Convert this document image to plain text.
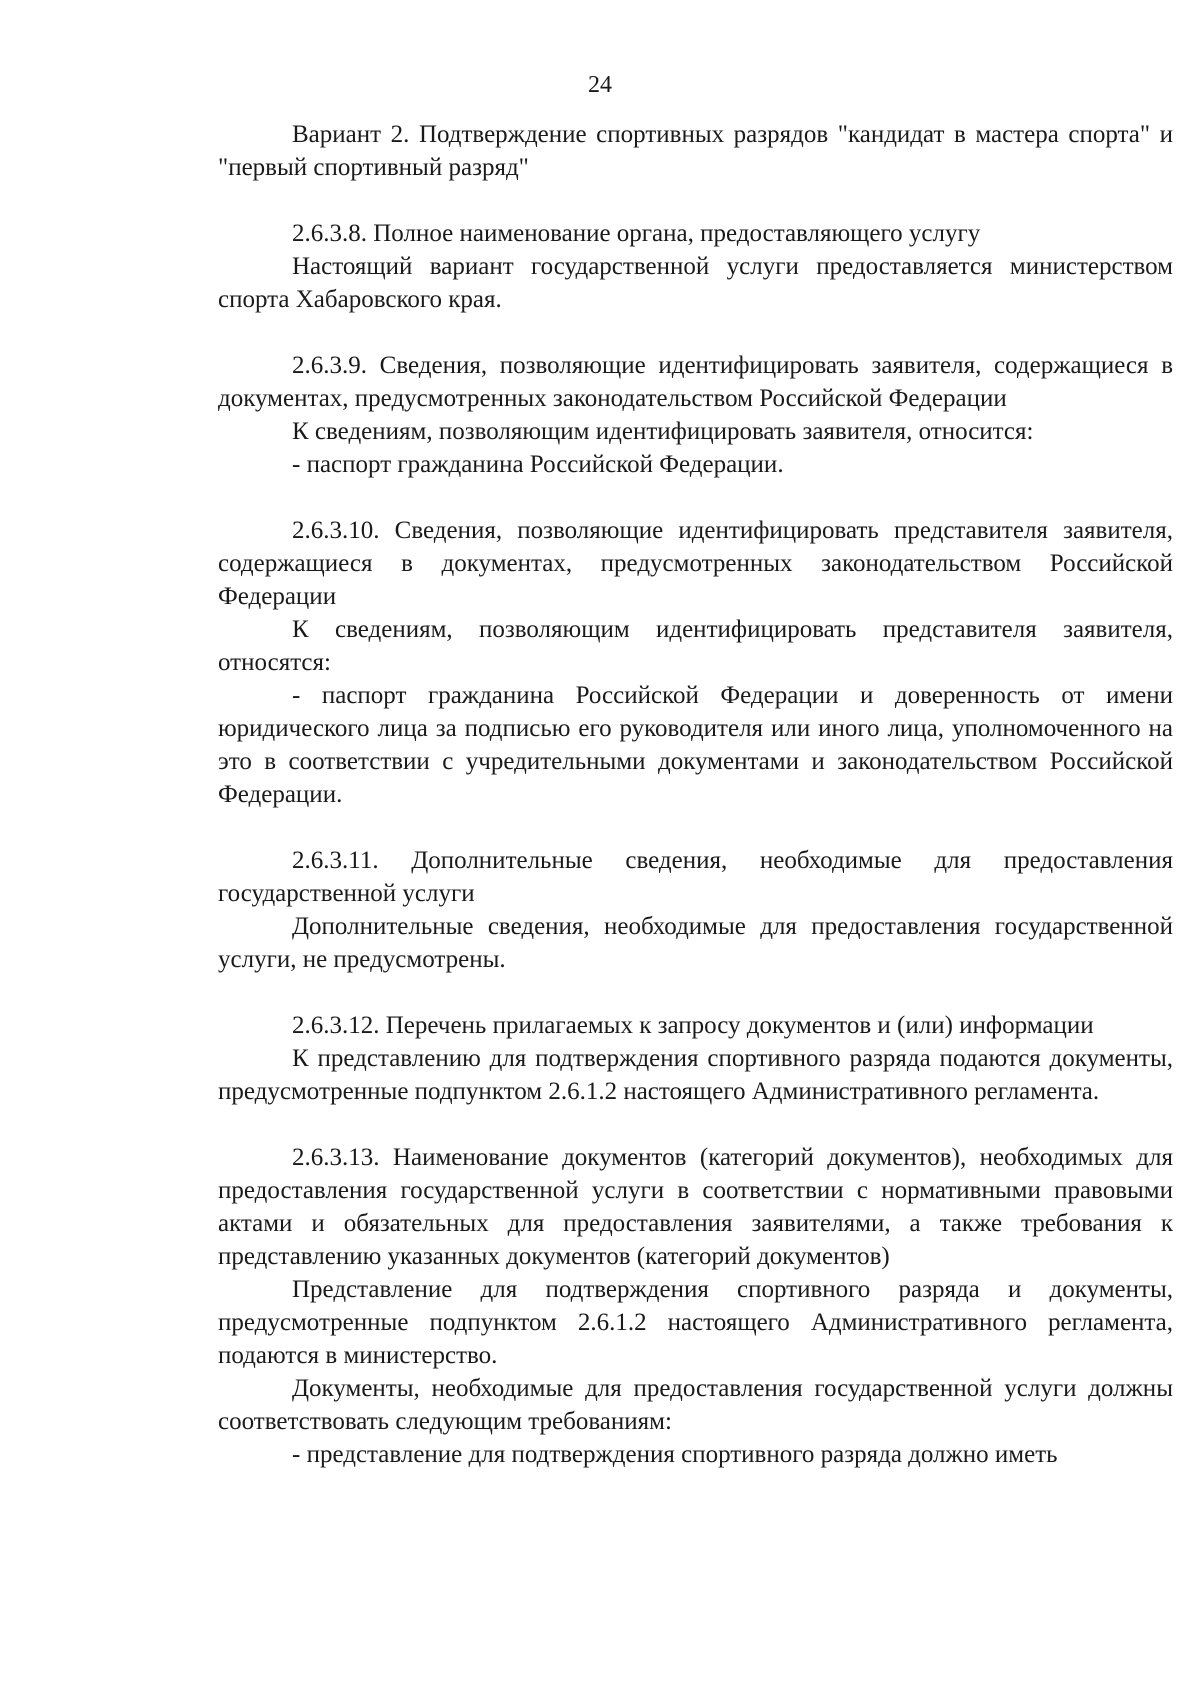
24

Вариант 2. Подтверждение спортивных разрядов "кандидат в мастера спорта" и "первый спортивный разряд"

2.6.3.8. Полное наименование органа, предоставляющего услугу

Настоящий вариант государственной услуги предоставляется министерством спорта Хабаровского края.

2.6.3.9. Сведения, позволяющие идентифицировать заявителя, содержащиеся в документах, предусмотренных законодательством Российской Федерации

К сведениям, позволяющим идентифицировать заявителя, относится:

- паспорт гражданина Российской Федерации.

2.6.3.10. Сведения, позволяющие идентифицировать представителя заявителя, содержащиеся в документах, предусмотренных законодательством Российской Федерации

К сведениям, позволяющим идентифицировать представителя заявителя, относятся:

- паспорт гражданина Российской Федерации и доверенность от имени юридического лица за подписью его руководителя или иного лица, уполномоченного на это в соответствии с учредительными документами и законодательством Российской Федерации.

2.6.3.11. Дополнительные сведения, необходимые для предоставления государственной услуги

Дополнительные сведения, необходимые для предоставления государственной услуги, не предусмотрены.

2.6.3.12. Перечень прилагаемых к запросу документов и (или) информации

К представлению для подтверждения спортивного разряда подаются документы, предусмотренные подпунктом 2.6.1.2 настоящего Административного регламента.

2.6.3.13. Наименование документов (категорий документов), необходимых для предоставления государственной услуги в соответствии с нормативными правовыми актами и обязательных для предоставления заявителями, а также требования к представлению указанных документов (категорий документов)

Представление для подтверждения спортивного разряда и документы, предусмотренные подпунктом 2.6.1.2 настоящего Административного регламента, подаются в министерство.

Документы, необходимые для предоставления государственной услуги должны соответствовать следующим требованиям:

- представление для подтверждения спортивного разряда должно иметь
